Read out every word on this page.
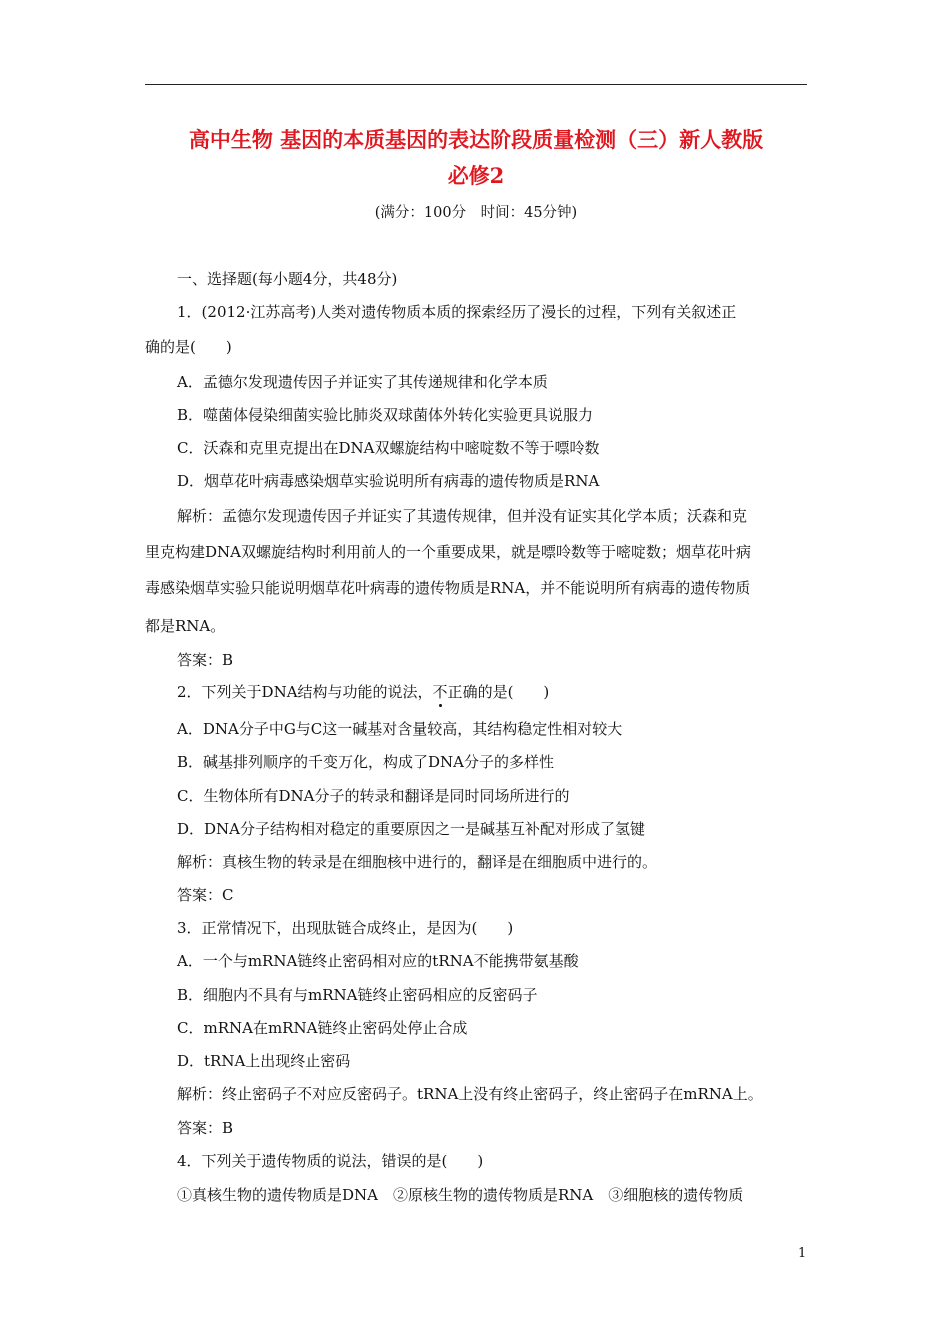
高中生物 基因的本质基因的表达阶段质量检测（三）新人教版
必修2
(满分：100分　时间：45分钟)
一、选择题(每小题4分，共48分)
1．(2012·江苏高考)人类对遗传物质本质的探索经历了漫长的过程，下列有关叙述正
确的是(　　)
A．孟德尔发现遗传因子并证实了其传递规律和化学本质
B．噬菌体侵染细菌实验比肺炎双球菌体外转化实验更具说服力
C．沃森和克里克提出在DNA双螺旋结构中嘧啶数不等于嘌呤数
D．烟草花叶病毒感染烟草实验说明所有病毒的遗传物质是RNA
解析：孟德尔发现遗传因子并证实了其遗传规律，但并没有证实其化学本质；沃森和克
里克构建DNA双螺旋结构时利用前人的一个重要成果，就是嘌呤数等于嘧啶数；烟草花叶病
毒感染烟草实验只能说明烟草花叶病毒的遗传物质是RNA，并不能说明所有病毒的遗传物质
都是RNA。
答案：B
2．下列关于DNA结构与功能的说法，不正确的是(　　)
A．DNA分子中G与C这一碱基对含量较高，其结构稳定性相对较大
B．碱基排列顺序的千变万化，构成了DNA分子的多样性
C．生物体所有DNA分子的转录和翻译是同时同场所进行的
D．DNA分子结构相对稳定的重要原因之一是碱基互补配对形成了氢键
解析：真核生物的转录是在细胞核中进行的，翻译是在细胞质中进行的。
答案：C
3．正常情况下，出现肽链合成终止，是因为(　　)
A．一个与mRNA链终止密码相对应的tRNA不能携带氨基酸
B．细胞内不具有与mRNA链终止密码相应的反密码子
C．mRNA在mRNA链终止密码处停止合成
D．tRNA上出现终止密码
解析：终止密码子不对应反密码子。tRNA上没有终止密码子，终止密码子在mRNA上。
答案：B
4．下列关于遗传物质的说法，错误的是(　　)
①真核生物的遗传物质是DNA　②原核生物的遗传物质是RNA　③细胞核的遗传物质
1
